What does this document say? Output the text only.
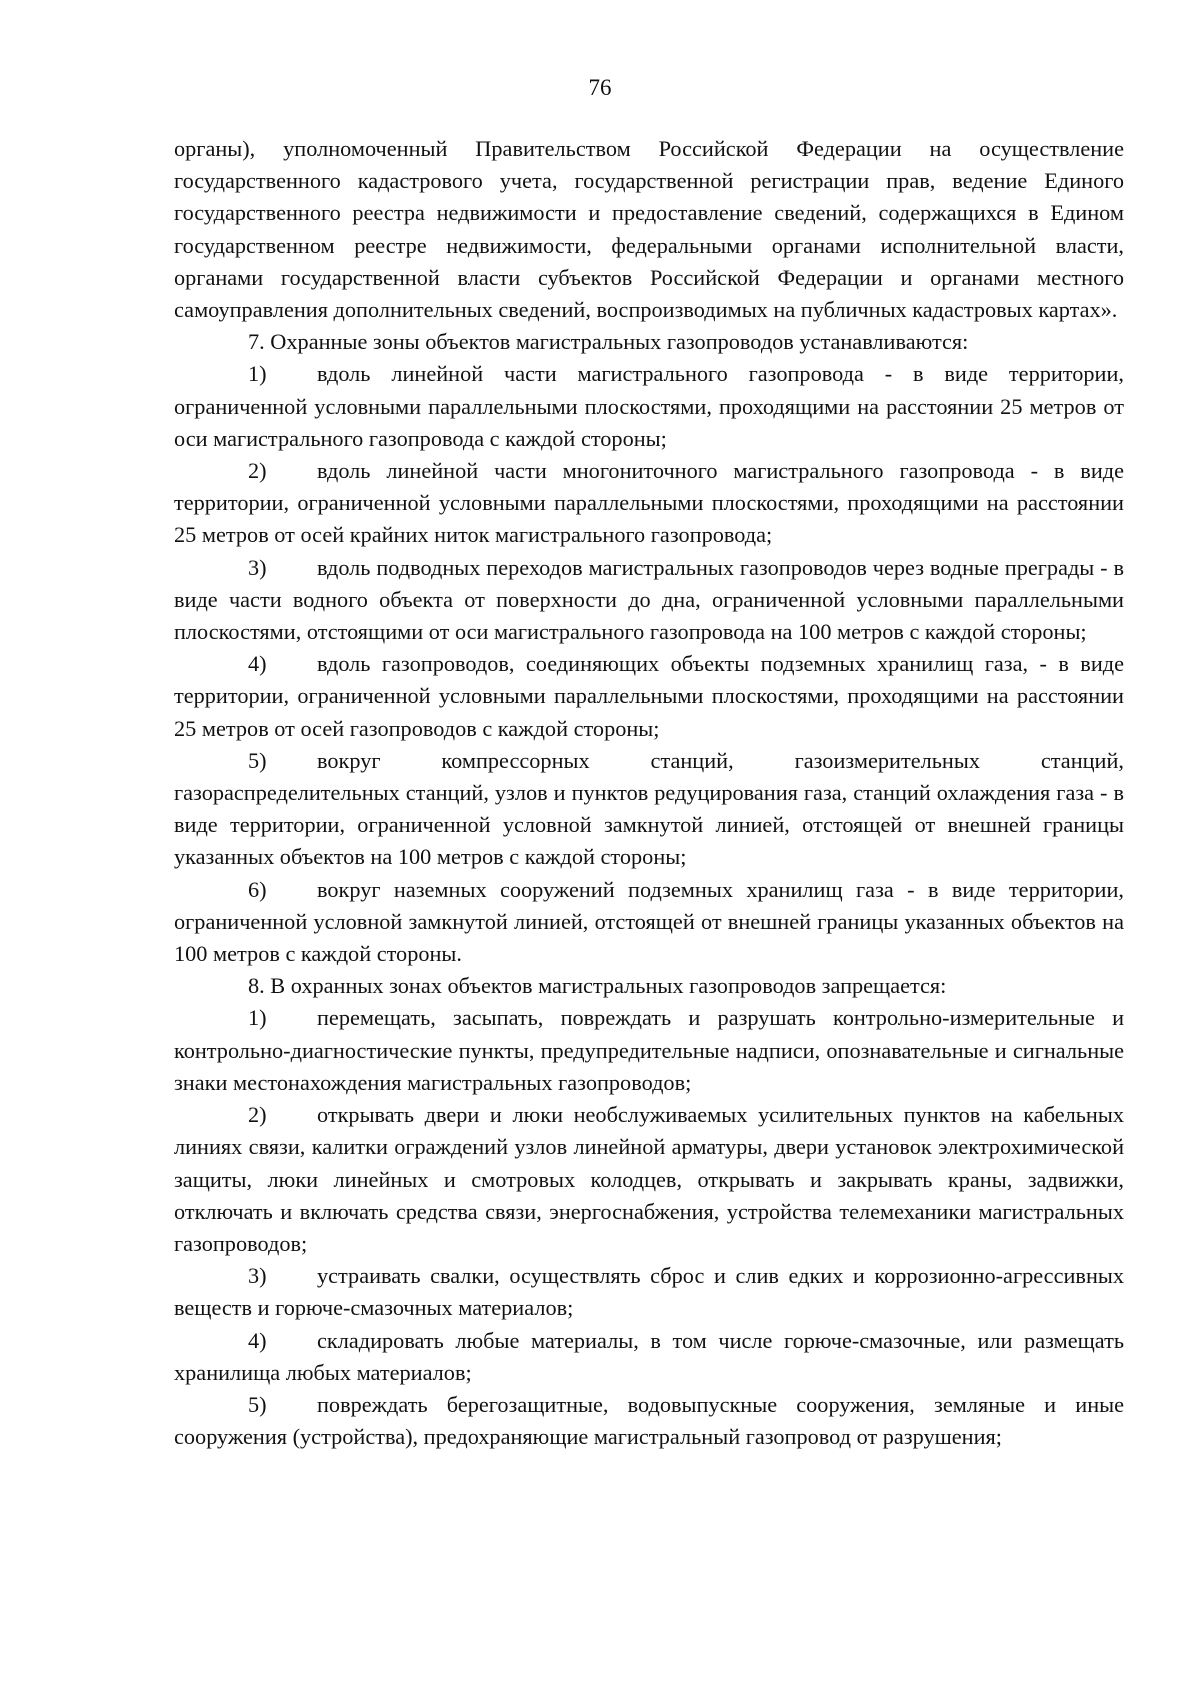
76

органы), уполномоченный Правительством Российской Федерации на осуществление государственного кадастрового учета, государственной регистрации прав, ведение Единого государственного реестра недвижимости и предоставление сведений, содержащихся в Едином государственном реестре недвижимости, федеральными органами исполнительной власти, органами государственной власти субъектов Российской Федерации и органами местного самоуправления дополнительных сведений, воспроизводимых на публичных кадастровых картах».

7. Охранные зоны объектов магистральных газопроводов устанавливаются:

1) вдоль линейной части магистрального газопровода - в виде территории, ограниченной условными параллельными плоскостями, проходящими на расстоянии 25 метров от оси магистрального газопровода с каждой стороны;

2) вдоль линейной части многониточного магистрального газопровода - в виде территории, ограниченной условными параллельными плоскостями, проходящими на расстоянии 25 метров от осей крайних ниток магистрального газопровода;

3) вдоль подводных переходов магистральных газопроводов через водные преграды - в виде части водного объекта от поверхности до дна, ограниченной условными параллельными плоскостями, отстоящими от оси магистрального газопровода на 100 метров с каждой стороны;

4) вдоль газопроводов, соединяющих объекты подземных хранилищ газа, - в виде территории, ограниченной условными параллельными плоскостями, проходящими на расстоянии 25 метров от осей газопроводов с каждой стороны;

5) вокруг компрессорных станций, газоизмерительных станций, газораспределительных станций, узлов и пунктов редуцирования газа, станций охлаждения газа - в виде территории, ограниченной условной замкнутой линией, отстоящей от внешней границы указанных объектов на 100 метров с каждой стороны;

6) вокруг наземных сооружений подземных хранилищ газа - в виде территории, ограниченной условной замкнутой линией, отстоящей от внешней границы указанных объектов на 100 метров с каждой стороны.

8. В охранных зонах объектов магистральных газопроводов запрещается:

1) перемещать, засыпать, повреждать и разрушать контрольно-измерительные и контрольно-диагностические пункты, предупредительные надписи, опознавательные и сигнальные знаки местонахождения магистральных газопроводов;

2) открывать двери и люки необслуживаемых усилительных пунктов на кабельных линиях связи, калитки ограждений узлов линейной арматуры, двери установок электрохимической защиты, люки линейных и смотровых колодцев, открывать и закрывать краны, задвижки, отключать и включать средства связи, энергоснабжения, устройства телемеханики магистральных газопроводов;

3) устраивать свалки, осуществлять сброс и слив едких и коррозионно-агрессивных веществ и горюче-смазочных материалов;

4) складировать любые материалы, в том числе горюче-смазочные, или размещать хранилища любых материалов;

5) повреждать берегозащитные, водовыпускные сооружения, земляные и иные сооружения (устройства), предохраняющие магистральный газопровод от разрушения;
